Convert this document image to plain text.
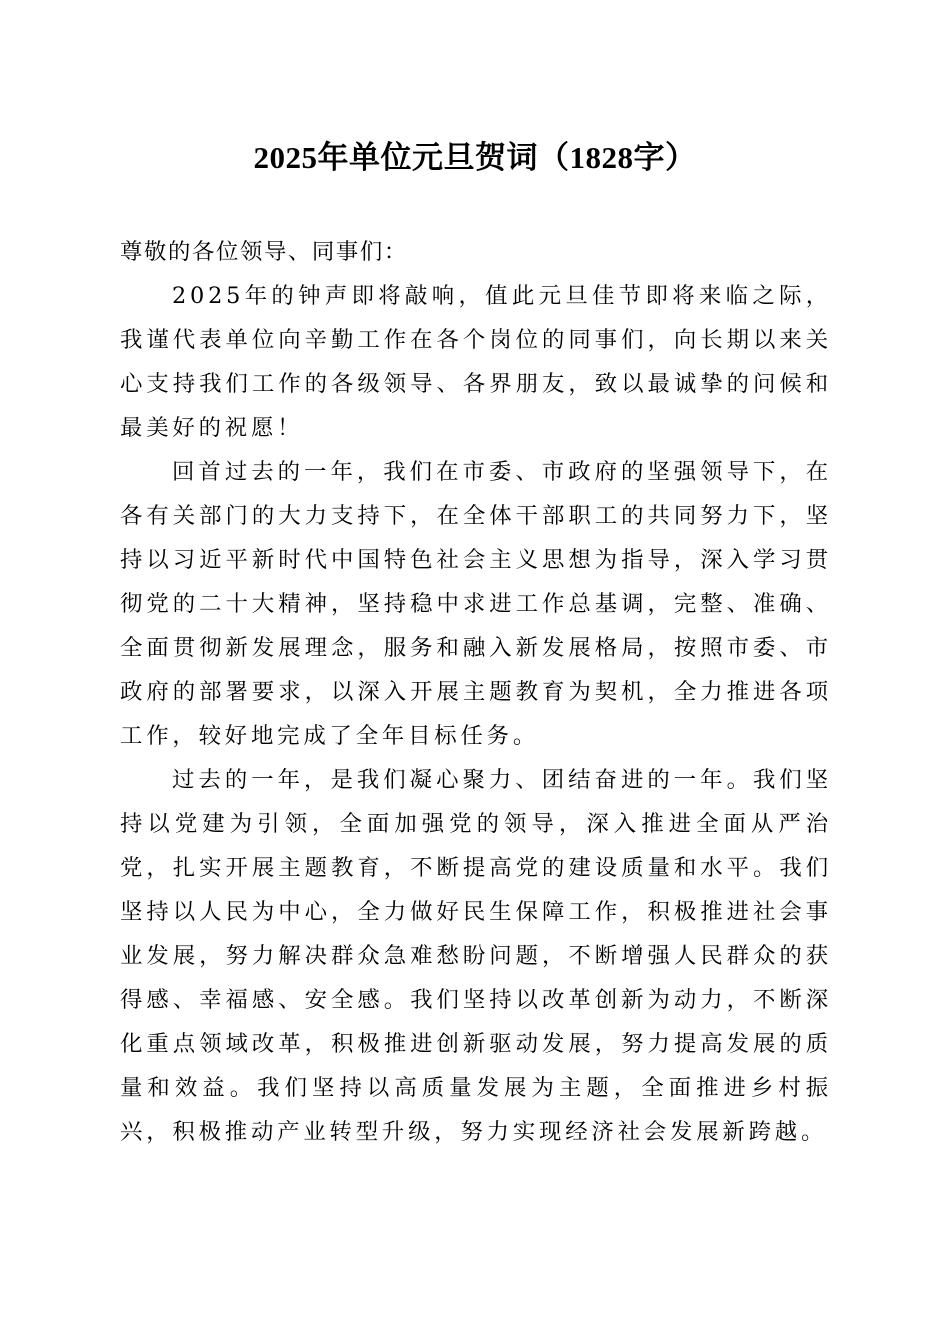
2025年单位元旦贺词（1828字）

尊敬的各位领导、同事们：

2025年的钟声即将敲响，值此元旦佳节即将来临之际，我谨代表单位向辛勤工作在各个岗位的同事们，向长期以来关心支持我们工作的各级领导、各界朋友，致以最诚挚的问候和最美好的祝愿！

回首过去的一年，我们在市委、市政府的坚强领导下，在各有关部门的大力支持下，在全体干部职工的共同努力下，坚持以习近平新时代中国特色社会主义思想为指导，深入学习贯彻党的二十大精神，坚持稳中求进工作总基调，完整、准确、全面贯彻新发展理念，服务和融入新发展格局，按照市委、市政府的部署要求，以深入开展主题教育为契机，全力推进各项工作，较好地完成了全年目标任务。

过去的一年，是我们凝心聚力、团结奋进的一年。我们坚持以党建为引领，全面加强党的领导，深入推进全面从严治党，扎实开展主题教育，不断提高党的建设质量和水平。我们坚持以人民为中心，全力做好民生保障工作，积极推进社会事业发展，努力解决群众急难愁盼问题，不断增强人民群众的获得感、幸福感、安全感。我们坚持以改革创新为动力，不断深化重点领域改革，积极推进创新驱动发展，努力提高发展的质量和效益。我们坚持以高质量发展为主题，全面推进乡村振兴，积极推动产业转型升级，努力实现经济社会发展新跨越。
